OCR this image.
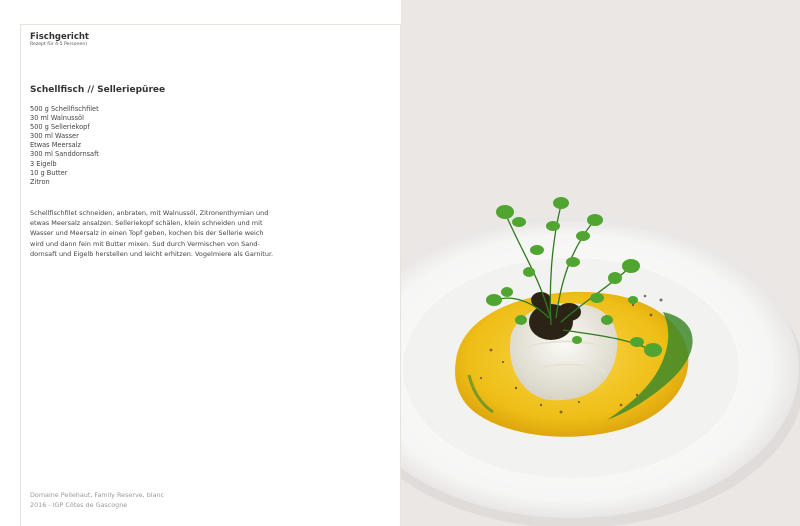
Fischgericht
Rezept für 4-5 Personen)
Schellfisch // Selleriepüree
500 g Schellfischfilet
30 ml Walnussöl
500 g Selleriekopf
300 ml Wasser
Etwas Meersalz
300 ml Sanddornsaft
3 Eigelb
10 g Butter
Zitron
Schellfischfilet schneiden, anbraten, mit Walnussöl, Zitronenthymian und
etwas Meersalz ansalzen. Selleriekopf schälen, klein schneiden und mit
Wasser und Meersalz in einen Topf geben, kochen bis der Sellerie weich
wird und dann fein mit Butter mixen. Sud durch Vermischen von Sand-
dornsaft und Eigelb herstellen und leicht erhitzen. Vogelmiere als Garnitur.
Domaine Pellehaut, Family Reserve, blanc
2016 - IGP Côtes de Gascogne
